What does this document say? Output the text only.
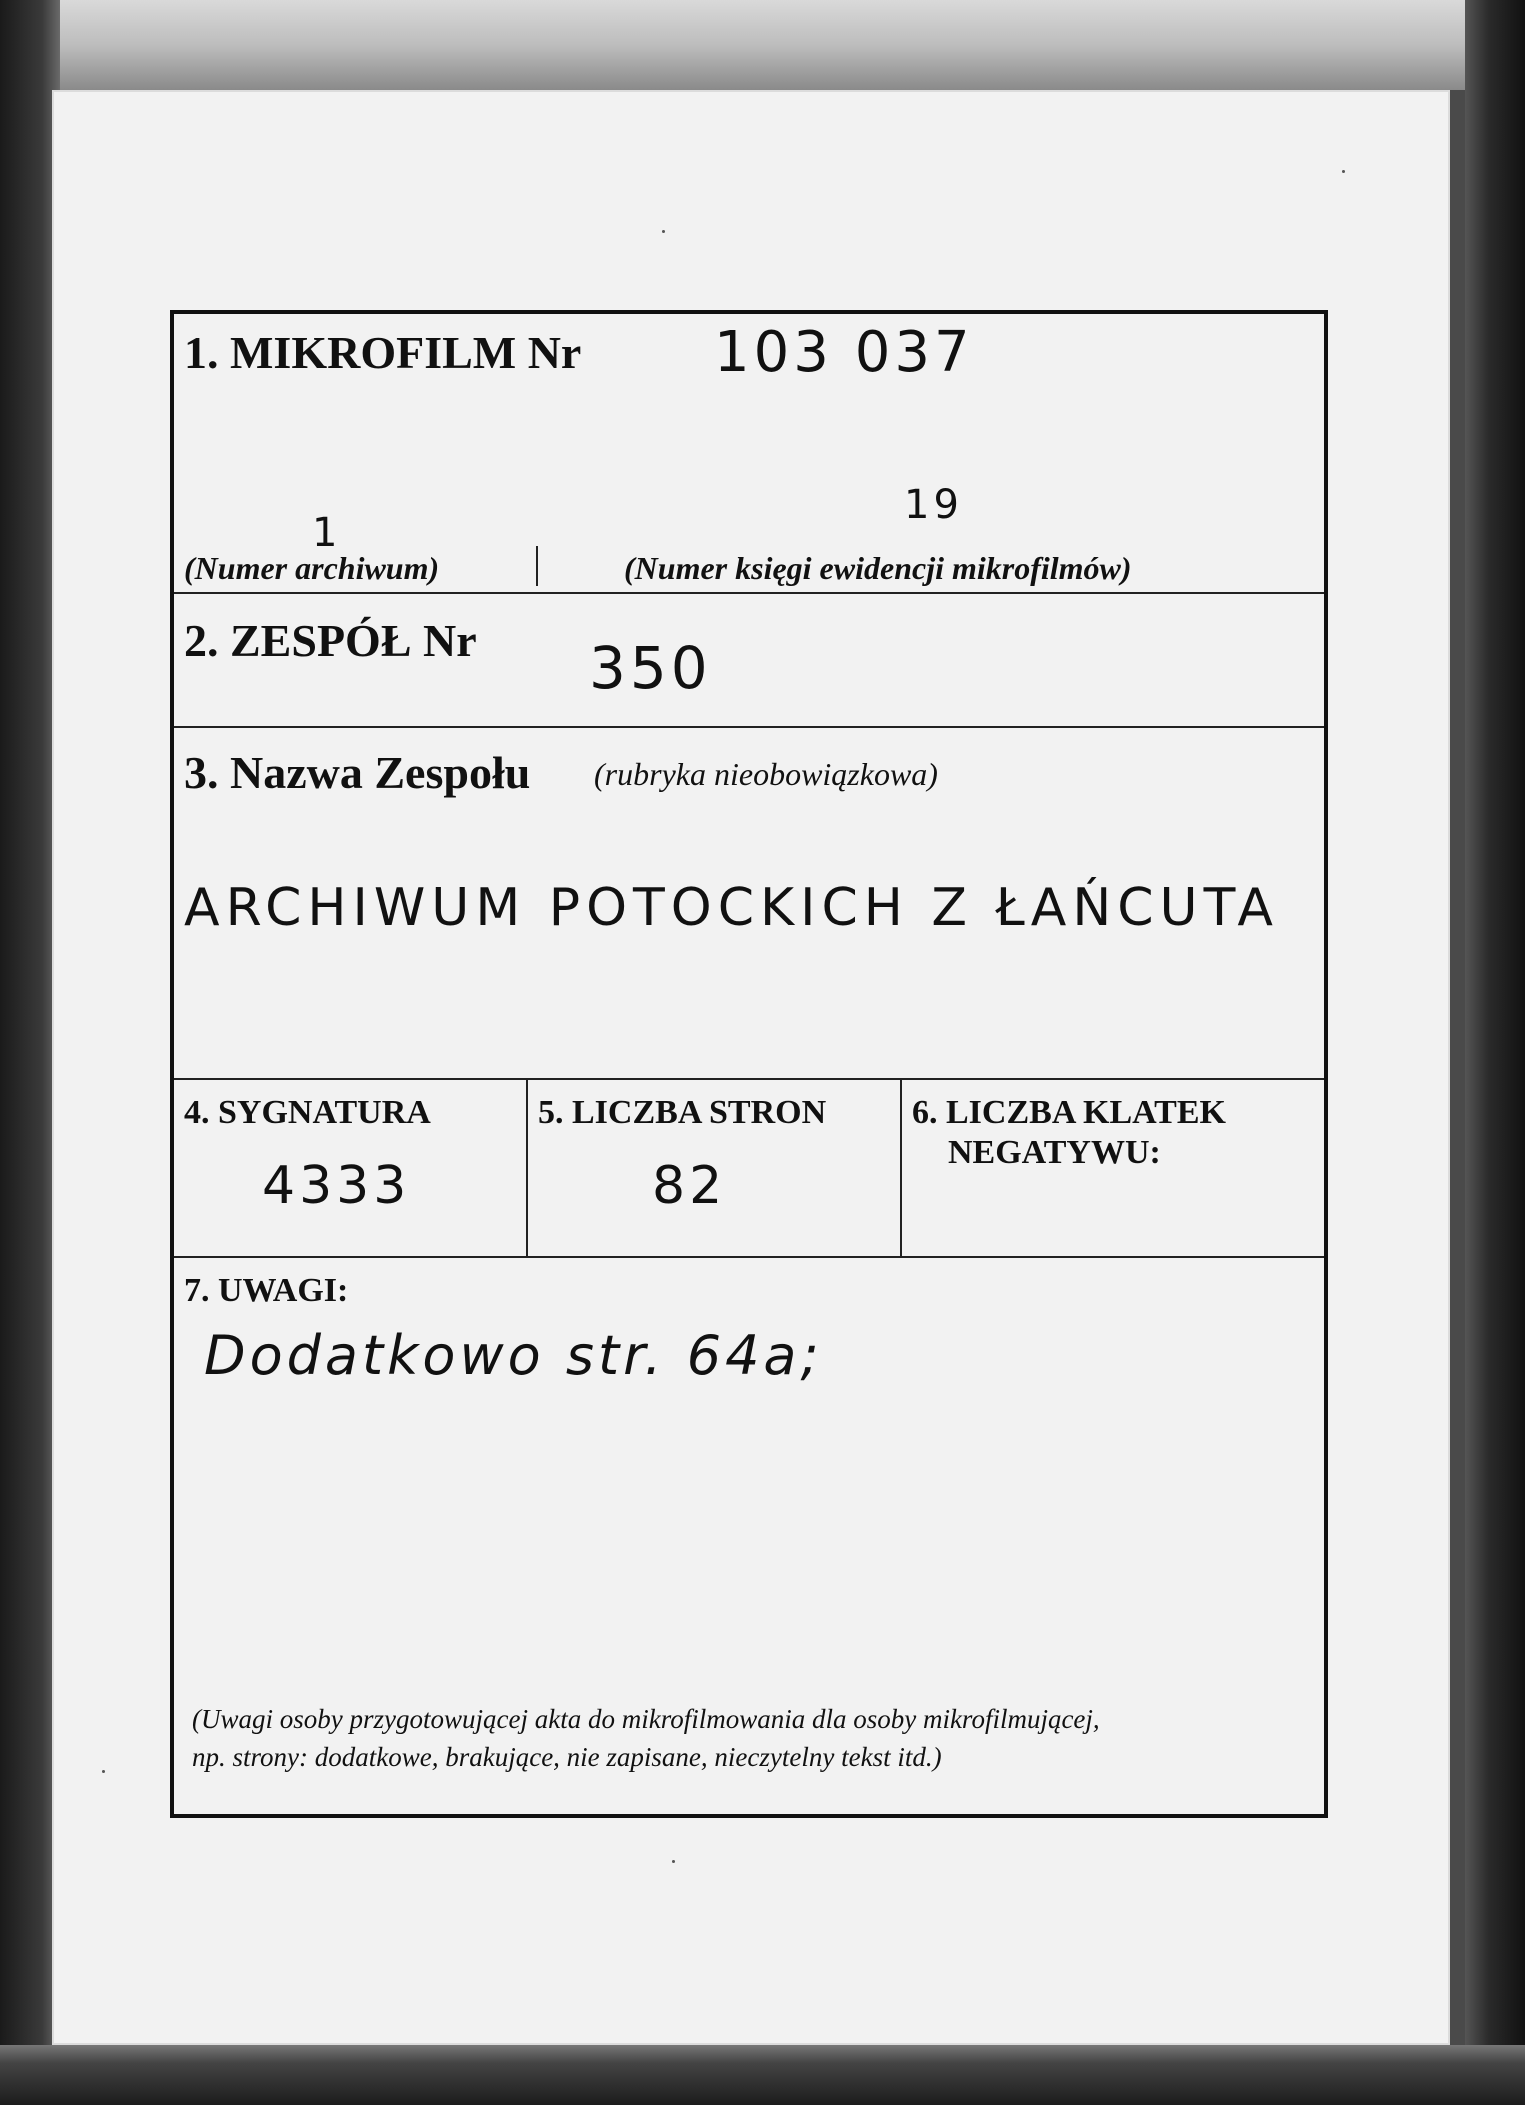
1. MIKROFILM Nr 103 037
1
19
(Numer archiwum)	(Numer księgi ewidencji mikrofilmów)
2. ZESPÓŁ Nr 350
3. Nazwa Zespołu (rubryka nieobowiązkowa)
ARCHIWUM POTOCKICH Z ŁAŃCUTA
4. SYGNATURA
4333
5. LICZBA STRON
82
6. LICZBA KLATEK
NEGATYWU:
7. UWAGI:
Dodatkowo str. 64a;
(Uwagi osoby przygotowującej akta do mikrofilmowania dla osoby mikrofilmującej,
np. strony: dodatkowe, brakujące, nie zapisane, nieczytelny tekst itd.)
